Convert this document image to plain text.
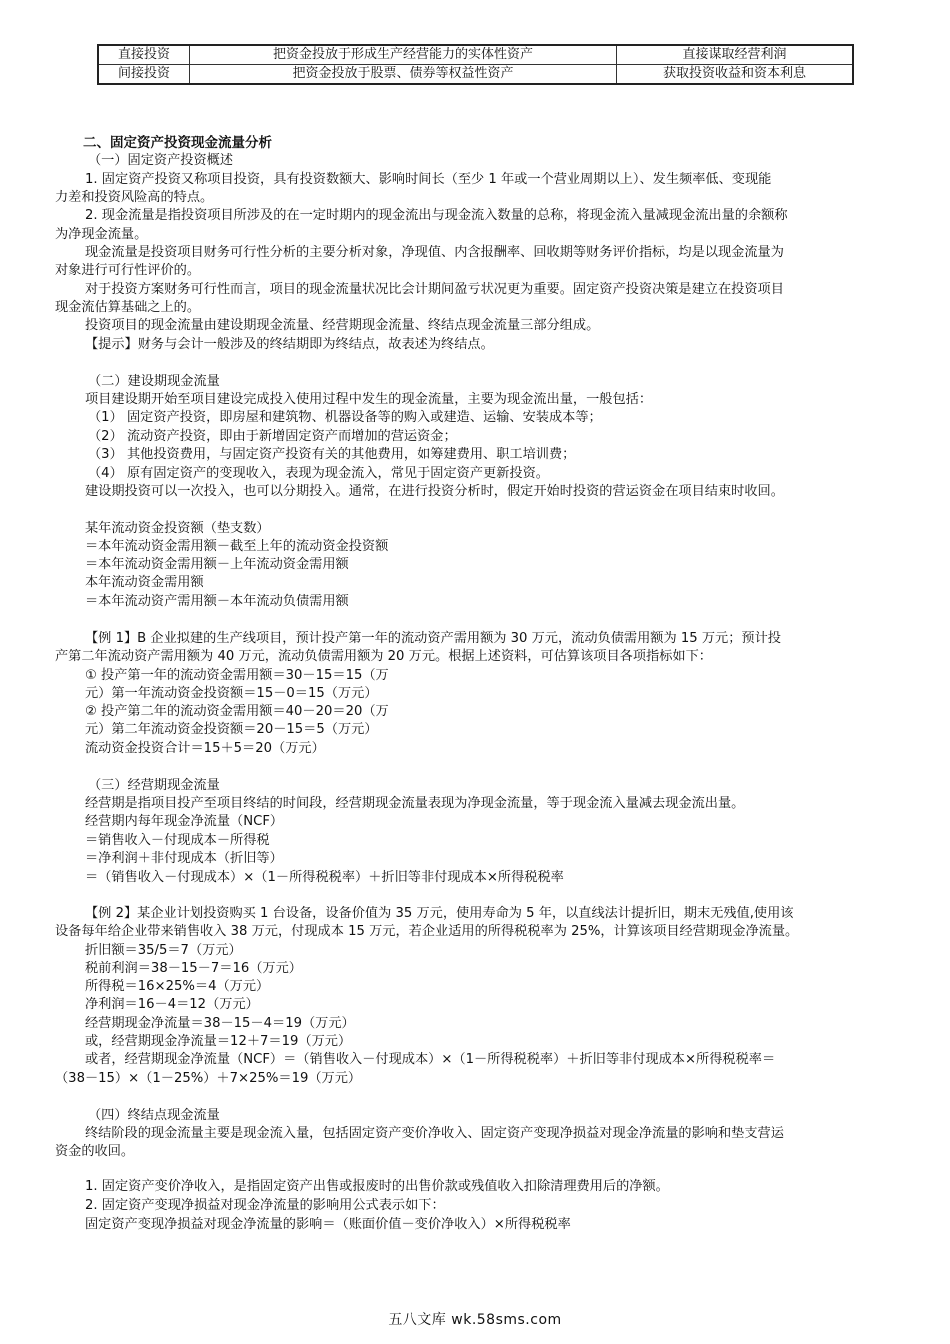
直接投资	把资金投放于形成生产经营能力的实体性资产	直接谋取经营利润
间接投资	把资金投放于股票、债券等权益性资产	获取投资收益和资本利息
二、固定资产投资现金流量分析
（一）固定资产投资概述
1. 固定资产投资又称项目投资，具有投资数额大、影响时间长（至少 1 年或一个营业周期以上）、发生频率低、变现能
力差和投资风险高的特点。
2. 现金流量是指投资项目所涉及的在一定时期内的现金流出与现金流入数量的总称，将现金流入量减现金流出量的余额称
为净现金流量。
现金流量是投资项目财务可行性分析的主要分析对象，净现值、内含报酬率、回收期等财务评价指标，均是以现金流量为
对象进行可行性评价的。
对于投资方案财务可行性而言，项目的现金流量状况比会计期间盈亏状况更为重要。固定资产投资决策是建立在投资项目
现金流估算基础之上的。
投资项目的现金流量由建设期现金流量、经营期现金流量、终结点现金流量三部分组成。
【提示】财务与会计一般涉及的终结期即为终结点，故表述为终结点。
（二）建设期现金流量
项目建设期开始至项目建设完成投入使用过程中发生的现金流量，主要为现金流出量，一般包括：
（1） 固定资产投资，即房屋和建筑物、机器设备等的购入或建造、运输、安装成本等；
（2） 流动资产投资，即由于新增固定资产而增加的营运资金；
（3） 其他投资费用，与固定资产投资有关的其他费用，如筹建费用、职工培训费；
（4） 原有固定资产的变现收入，表现为现金流入，常见于固定资产更新投资。
建设期投资可以一次投入，也可以分期投入。通常，在进行投资分析时，假定开始时投资的营运资金在项目结束时收回。
某年流动资金投资额（垫支数）
＝本年流动资金需用额－截至上年的流动资金投资额
＝本年流动资金需用额－上年流动资金需用额
本年流动资金需用额
＝本年流动资产需用额－本年流动负债需用额
【例 1】B 企业拟建的生产线项目，预计投产第一年的流动资产需用额为 30 万元，流动负债需用额为 15 万元；预计投
产第二年流动资产需用额为 40 万元，流动负债需用额为 20 万元。根据上述资料，可估算该项目各项指标如下：
① 投产第一年的流动资金需用额＝30－15＝15（万
元）第一年流动资金投资额＝15－0＝15（万元）
② 投产第二年的流动资金需用额＝40－20＝20（万
元）第二年流动资金投资额＝20－15＝5（万元）
流动资金投资合计＝15＋5＝20（万元）
（三）经营期现金流量
经营期是指项目投产至项目终结的时间段，经营期现金流量表现为净现金流量，等于现金流入量减去现金流出量。
经营期内每年现金净流量（NCF）
＝销售收入－付现成本－所得税
＝净利润＋非付现成本（折旧等）
＝（销售收入－付现成本）×（1－所得税税率）＋折旧等非付现成本×所得税税率
【例 2】某企业计划投资购买 1 台设备，设备价值为 35 万元，使用寿命为 5 年，以直线法计提折旧，期末无残值,使用该
设备每年给企业带来销售收入 38 万元，付现成本 15 万元，若企业适用的所得税税率为 25%，计算该项目经营期现金净流量。
折旧额＝35/5＝7（万元）
税前利润＝38－15－7＝16（万元）
所得税＝16×25%＝4（万元）
净利润＝16－4＝12（万元）
经营期现金净流量＝38－15－4＝19（万元）
或，经营期现金净流量＝12＋7＝19（万元）
或者，经营期现金净流量（NCF）＝（销售收入－付现成本）×（1－所得税税率）＋折旧等非付现成本×所得税税率＝
（38－15）×（1－25%）＋7×25%＝19（万元）
（四）终结点现金流量
终结阶段的现金流量主要是现金流入量，包括固定资产变价净收入、固定资产变现净损益对现金净流量的影响和垫支营运
资金的收回。
1. 固定资产变价净收入，是指固定资产出售或报废时的出售价款或残值收入扣除清理费用后的净额。
2. 固定资产变现净损益对现金净流量的影响用公式表示如下：
固定资产变现净损益对现金净流量的影响＝（账面价值－变价净收入）×所得税税率
五八文库 wk.58sms.com
